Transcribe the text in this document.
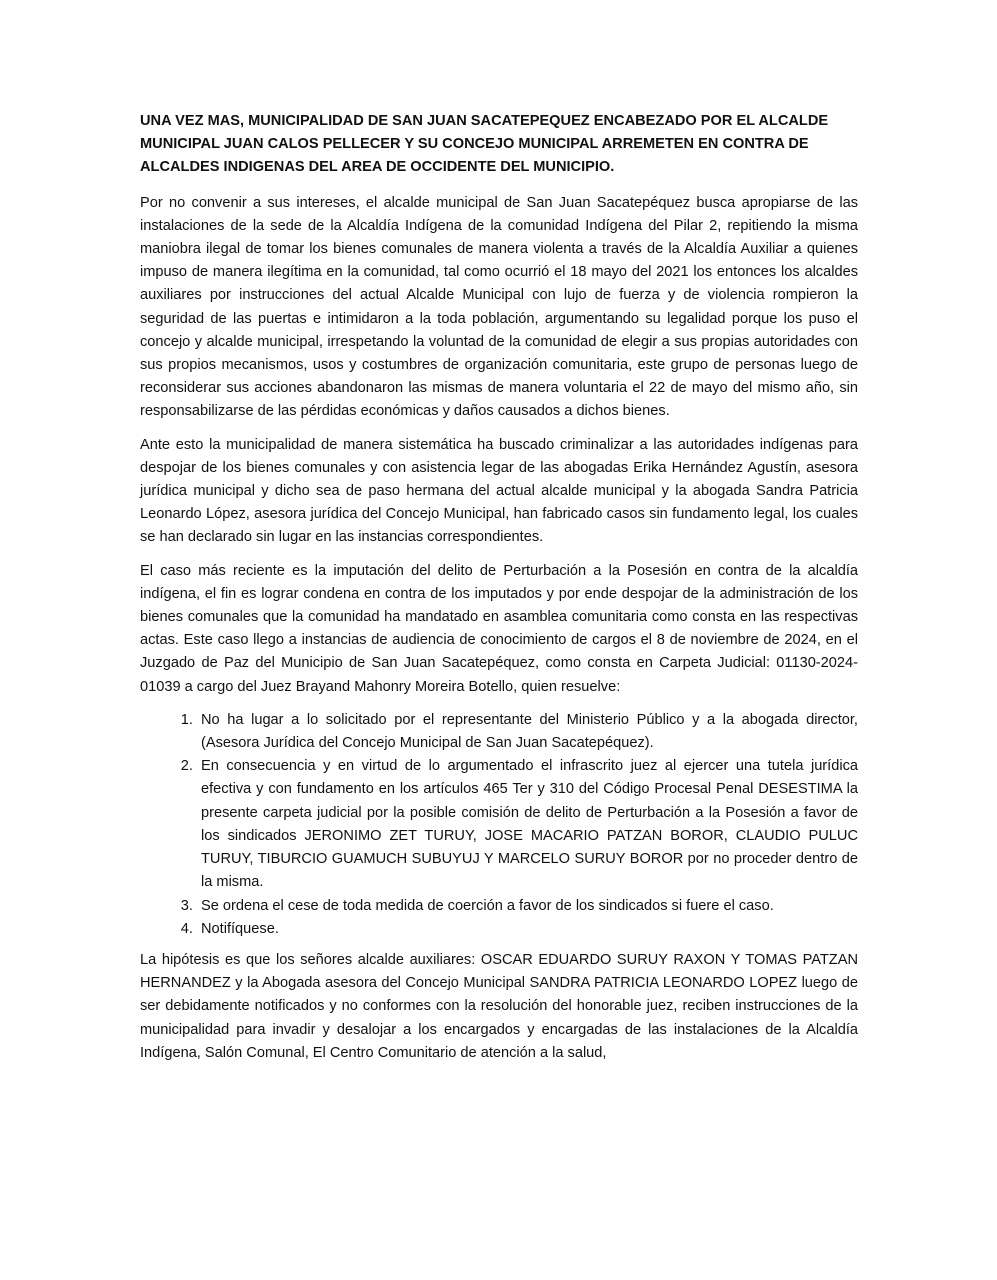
UNA VEZ MAS, MUNICIPALIDAD DE SAN JUAN SACATEPEQUEZ ENCABEZADO POR EL ALCALDE MUNICIPAL JUAN CALOS PELLECER Y SU CONCEJO MUNICIPAL ARREMETEN EN CONTRA DE ALCALDES INDIGENAS DEL AREA DE OCCIDENTE DEL MUNICIPIO.

Por no convenir a sus intereses, el alcalde municipal de San Juan Sacatepéquez busca apropiarse de las instalaciones de la sede de la Alcaldía Indígena de la comunidad Indígena del Pilar 2, repitiendo la misma maniobra ilegal de tomar los bienes comunales de manera violenta a través de la Alcaldía Auxiliar a quienes impuso de manera ilegítima en la comunidad, tal como ocurrió el 18 mayo del 2021 los entonces los alcaldes auxiliares por instrucciones del actual Alcalde Municipal con lujo de fuerza y de violencia rompieron la seguridad de las puertas e intimidaron a la toda población, argumentando su legalidad porque los puso el concejo y alcalde municipal, irrespetando la voluntad de la comunidad de elegir a sus propias autoridades con sus propios mecanismos, usos y costumbres de organización comunitaria, este grupo de personas luego de reconsiderar sus acciones abandonaron las mismas de manera voluntaria el 22 de mayo del mismo año, sin responsabilizarse de las pérdidas económicas y daños causados a dichos bienes.

Ante esto la municipalidad de manera sistemática ha buscado criminalizar a las autoridades indígenas para despojar de los bienes comunales y con asistencia legar de las abogadas Erika Hernández Agustín, asesora jurídica municipal y dicho sea de paso hermana del actual alcalde municipal y la abogada Sandra Patricia Leonardo López, asesora jurídica del Concejo Municipal, han fabricado casos sin fundamento legal, los cuales se han declarado sin lugar en las instancias correspondientes.

El caso más reciente es la imputación del delito de Perturbación a la Posesión en contra de la alcaldía indígena, el fin es lograr condena en contra de los imputados y por ende despojar de la administración de los bienes comunales que la comunidad ha mandatado en asamblea comunitaria como consta en las respectivas actas. Este caso llego a instancias de audiencia de conocimiento de cargos el 8 de noviembre de 2024, en el Juzgado de Paz del Municipio de San Juan Sacatepéquez, como consta en Carpeta Judicial: 01130-2024-01039 a cargo del Juez Brayand Mahonry Moreira Botello, quien resuelve:

1. No ha lugar a lo solicitado por el representante del Ministerio Público y a la abogada director, (Asesora Jurídica del Concejo Municipal de San Juan Sacatepéquez).
2. En consecuencia y en virtud de lo argumentado el infrascrito juez al ejercer una tutela jurídica efectiva y con fundamento en los artículos 465 Ter y 310 del Código Procesal Penal DESESTIMA la presente carpeta judicial por la posible comisión de delito de Perturbación a la Posesión a favor de los sindicados JERONIMO ZET TURUY, JOSE MACARIO PATZAN BOROR, CLAUDIO PULUC TURUY, TIBURCIO GUAMUCH SUBUYUJ Y MARCELO SURUY BOROR por no proceder dentro de la misma.
3. Se ordena el cese de toda medida de coerción a favor de los sindicados si fuere el caso.
4. Notifíquese.

La hipótesis es que los señores alcalde auxiliares: OSCAR EDUARDO SURUY RAXON Y TOMAS PATZAN HERNANDEZ y la Abogada asesora del Concejo Municipal SANDRA PATRICIA LEONARDO LOPEZ luego de ser debidamente notificados y no conformes con la resolución del honorable juez, reciben instrucciones de la municipalidad para invadir y desalojar a los encargados y encargadas de las instalaciones de la Alcaldía Indígena, Salón Comunal, El Centro Comunitario de atención a la salud,
